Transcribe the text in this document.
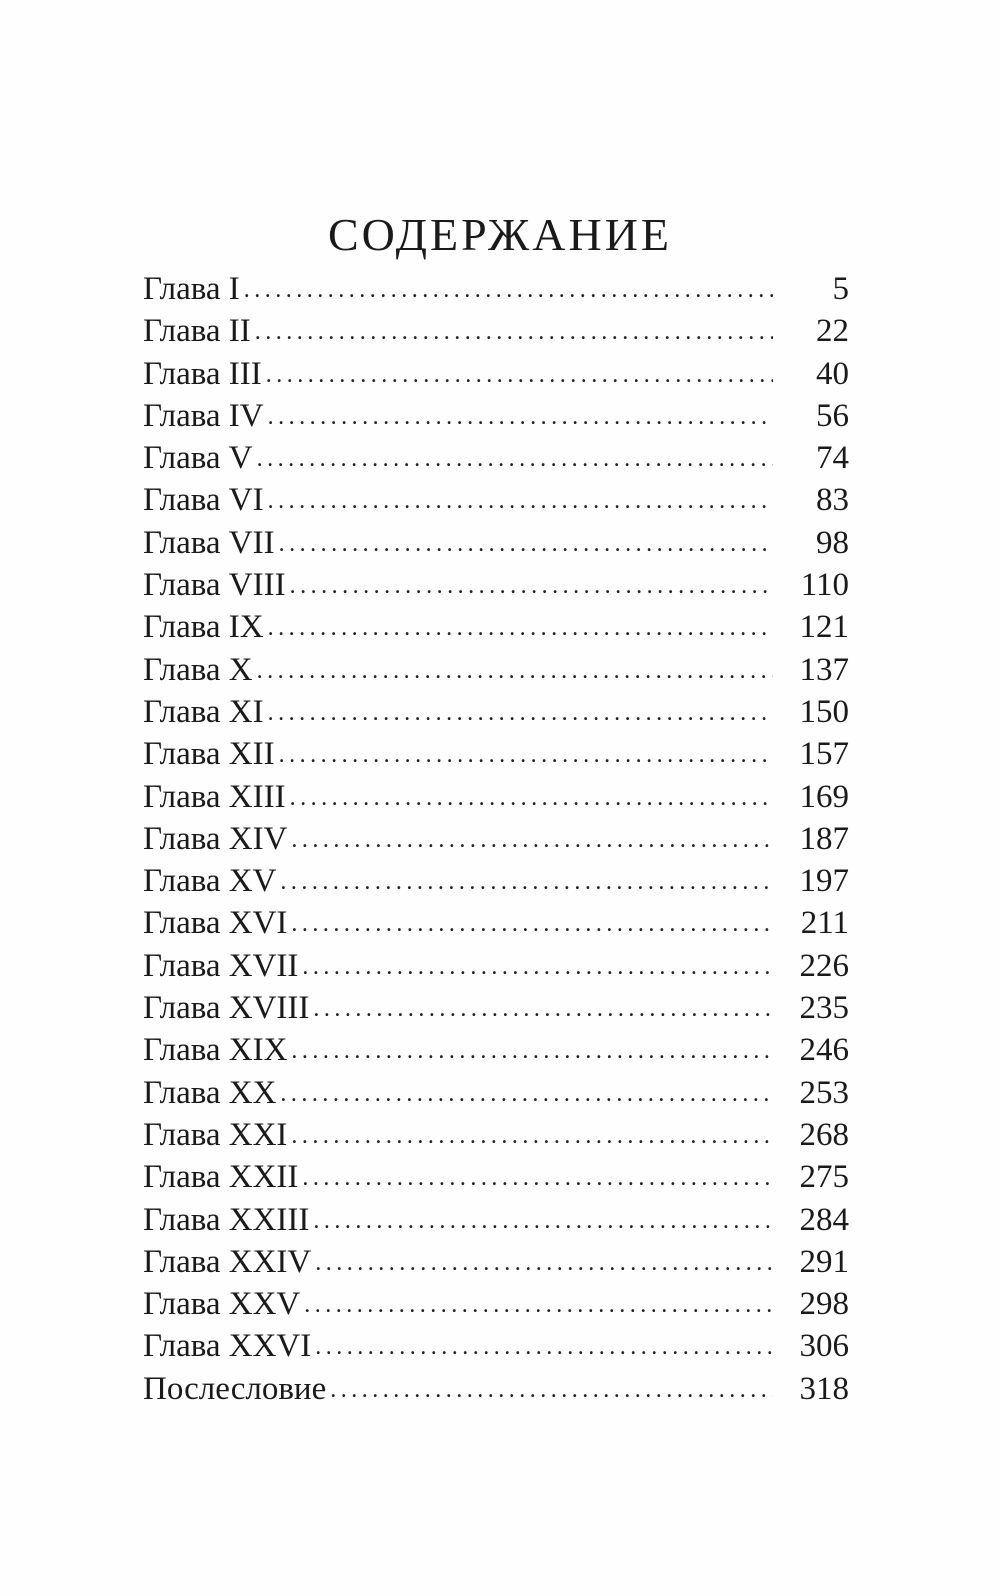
СОДЕРЖАНИЕ
Глава I .....	5
Глава II .....	22
Глава III .....	40
Глава IV .....	56
Глава V .....	74
Глава VI .....	83
Глава VII .....	98
Глава VIII .....	110
Глава IX .....	121
Глава X .....	137
Глава XI .....	150
Глава XII .....	157
Глава XIII .....	169
Глава XIV .....	187
Глава XV .....	197
Глава XVI .....	211
Глава XVII .....	226
Глава XVIII .....	235
Глава XIX .....	246
Глава XX .....	253
Глава XXI .....	268
Глава XXII .....	275
Глава XXIII .....	284
Глава XXIV .....	291
Глава XXV .....	298
Глава XXVI .....	306
Послесловие .....	318
